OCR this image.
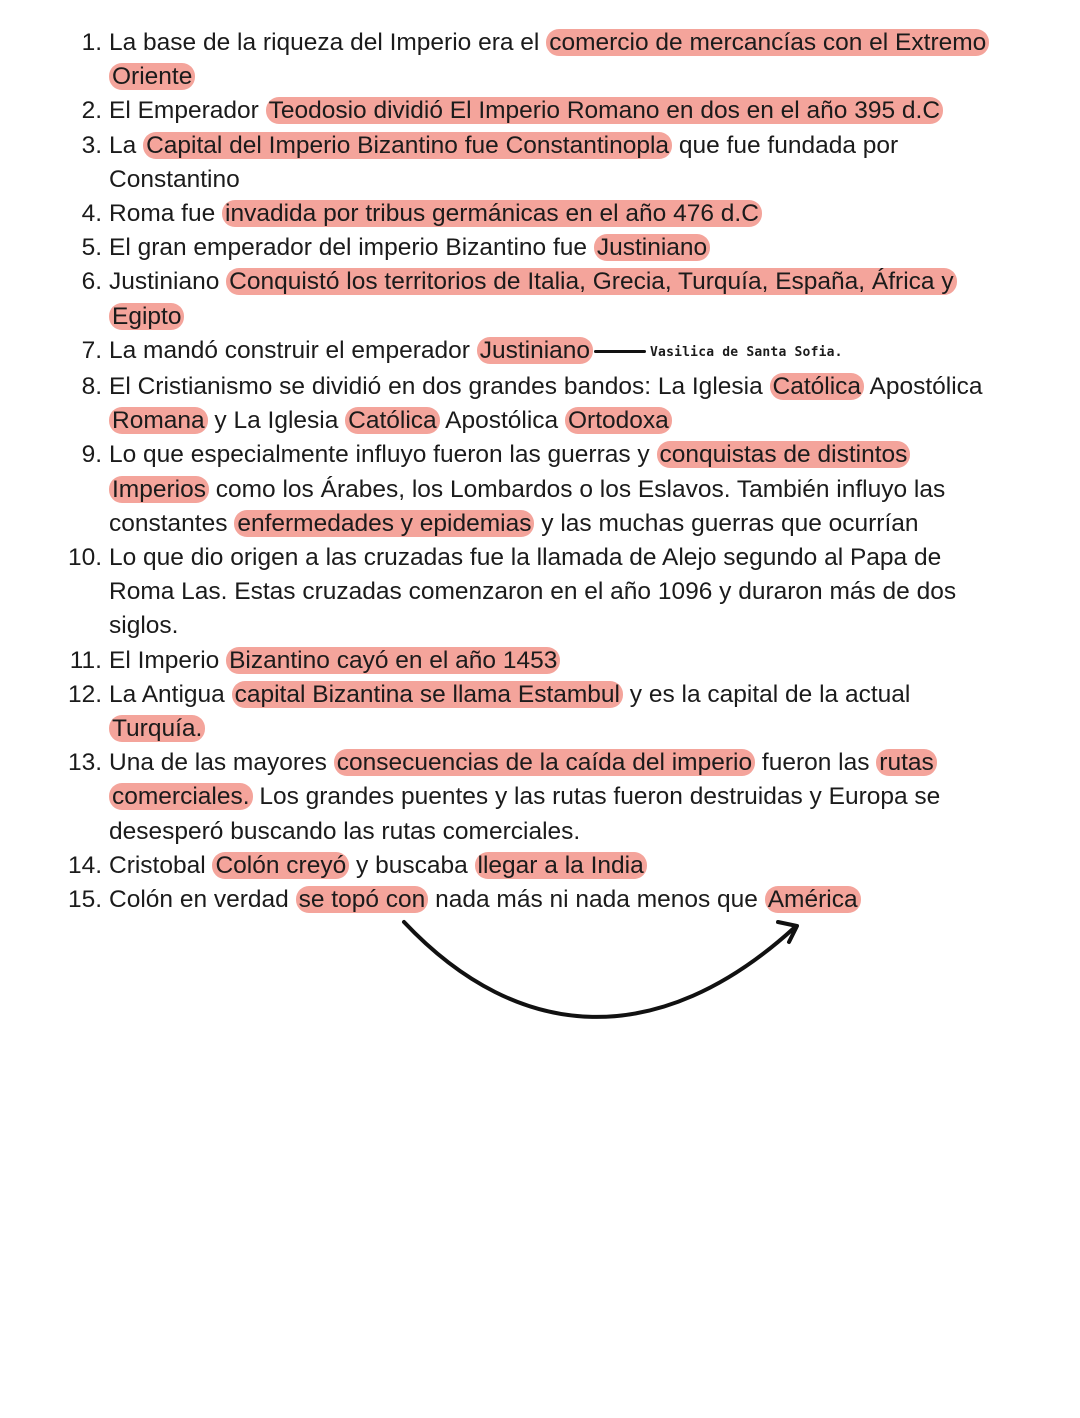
1. La base de la riqueza del Imperio era el comercio de mercancías con el Extremo Oriente
2. El Emperador Teodosio dividió El Imperio Romano en dos en el año 395 d.C
3. La Capital del Imperio Bizantino fue Constantinopla que fue fundada por Constantino
4. Roma fue invadida por tribus germánicas en el año 476 d.C
5. El gran emperador del imperio Bizantino fue Justiniano
6. Justiniano Conquistó los territorios de Italia, Grecia, Turquía, España, África y Egipto
7. La mandó construir el emperador Justiniano	Vasilica de Santa Sofia.
8. El Cristianismo se dividió en dos grandes bandos: La Iglesia Católica Apostólica Romana y La Iglesia Católica Apostólica Ortodoxa
9. Lo que especialmente influyo fueron las guerras y conquistas de distintos Imperios como los Árabes, los Lombardos o los Eslavos. También influyo las constantes enfermedades y epidemias y las muchas guerras que ocurrían
10. Lo que dio origen a las cruzadas fue la llamada de Alejo segundo al Papa de Roma Las. Estas cruzadas comenzaron en el año 1096 y duraron más de dos siglos.
11. El Imperio Bizantino cayó en el año 1453
12. La Antigua capital Bizantina se llama Estambul y es la capital de la actual Turquía.
13. Una de las mayores consecuencias de la caída del imperio fueron las rutas comerciales. Los grandes puentes y las rutas fueron destruidas y Europa se desesperó buscando las rutas comerciales.
14. Cristobal Colón creyó y buscaba llegar a la India
15. Colón en verdad se topó con nada más ni nada menos que América
